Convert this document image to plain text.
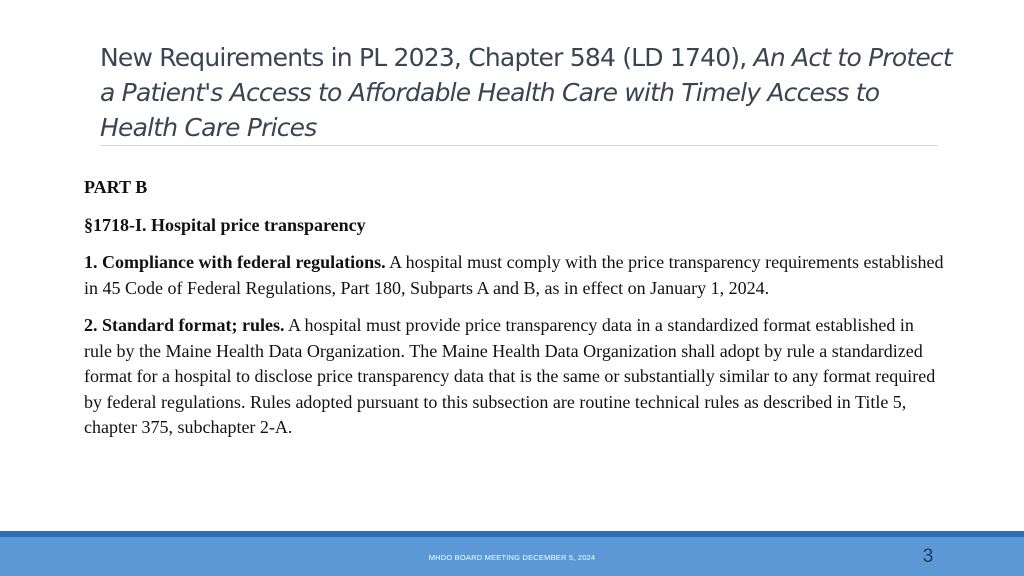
New Requirements in PL 2023, Chapter 584 (LD 1740), An Act to Protect a Patient's Access to Affordable Health Care with Timely Access to Health Care Prices

PART B

§1718-I. Hospital price transparency

1. Compliance with federal regulations. A hospital must comply with the price transparency requirements established in 45 Code of Federal Regulations, Part 180, Subparts A and B, as in effect on January 1, 2024.

2. Standard format; rules. A hospital must provide price transparency data in a standardized format established in rule by the Maine Health Data Organization. The Maine Health Data Organization shall adopt by rule a standardized format for a hospital to disclose price transparency data that is the same or substantially similar to any format required by federal regulations. Rules adopted pursuant to this subsection are routine technical rules as described in Title 5, chapter 375, subchapter 2-A.

MHDO BOARD MEETING DECEMBER 5, 2024	3
